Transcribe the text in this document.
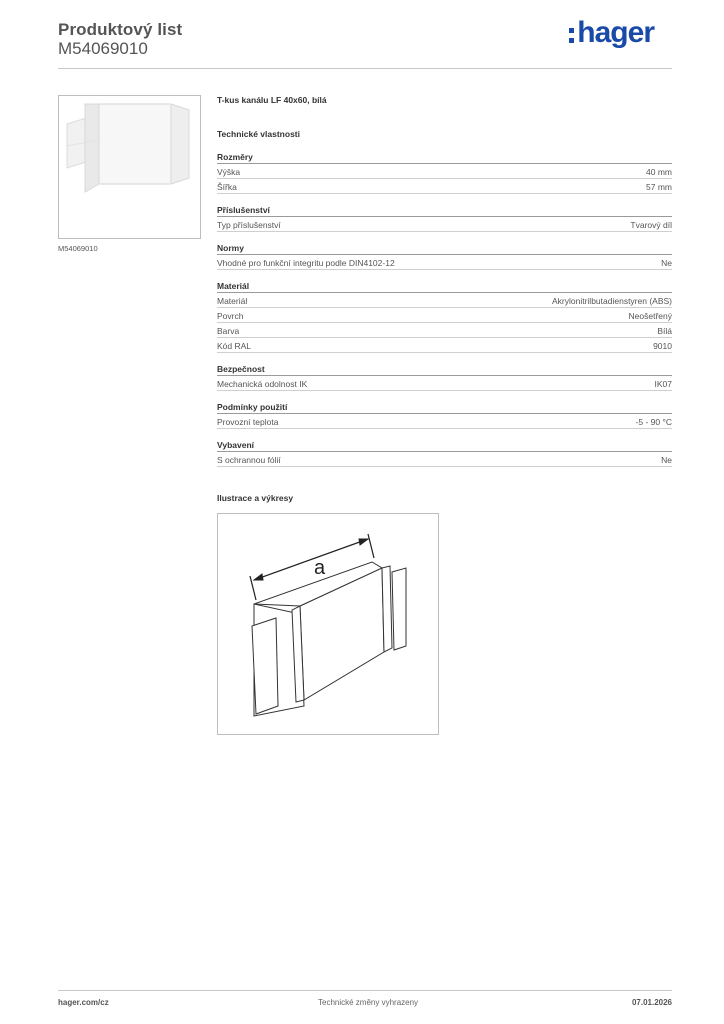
Produktový list
M54069010	hager
M54069010
T-kus kanálu LF 40x60, bílá
Technické vlastnosti
Rozměry
Výška	40 mm
Šířka	57 mm
Příslušenství
Typ příslušenství	Tvarový díl
Normy
Vhodné pro funkční integritu podle DIN4102-12	Ne
Materiál
Materiál	Akrylonitrilbutadienstyren (ABS)
Povrch	Neošetřený
Barva	Bílá
Kód RAL	9010
Bezpečnost
Mechanická odolnost IK	IK07
Podmínky použití
Provozní teplota	-5 - 90 °C
Vybavení
S ochrannou fólií	Ne
Ilustrace a výkresy
a
hager.com/cz	Technické změny vyhrazeny	07.01.2026
